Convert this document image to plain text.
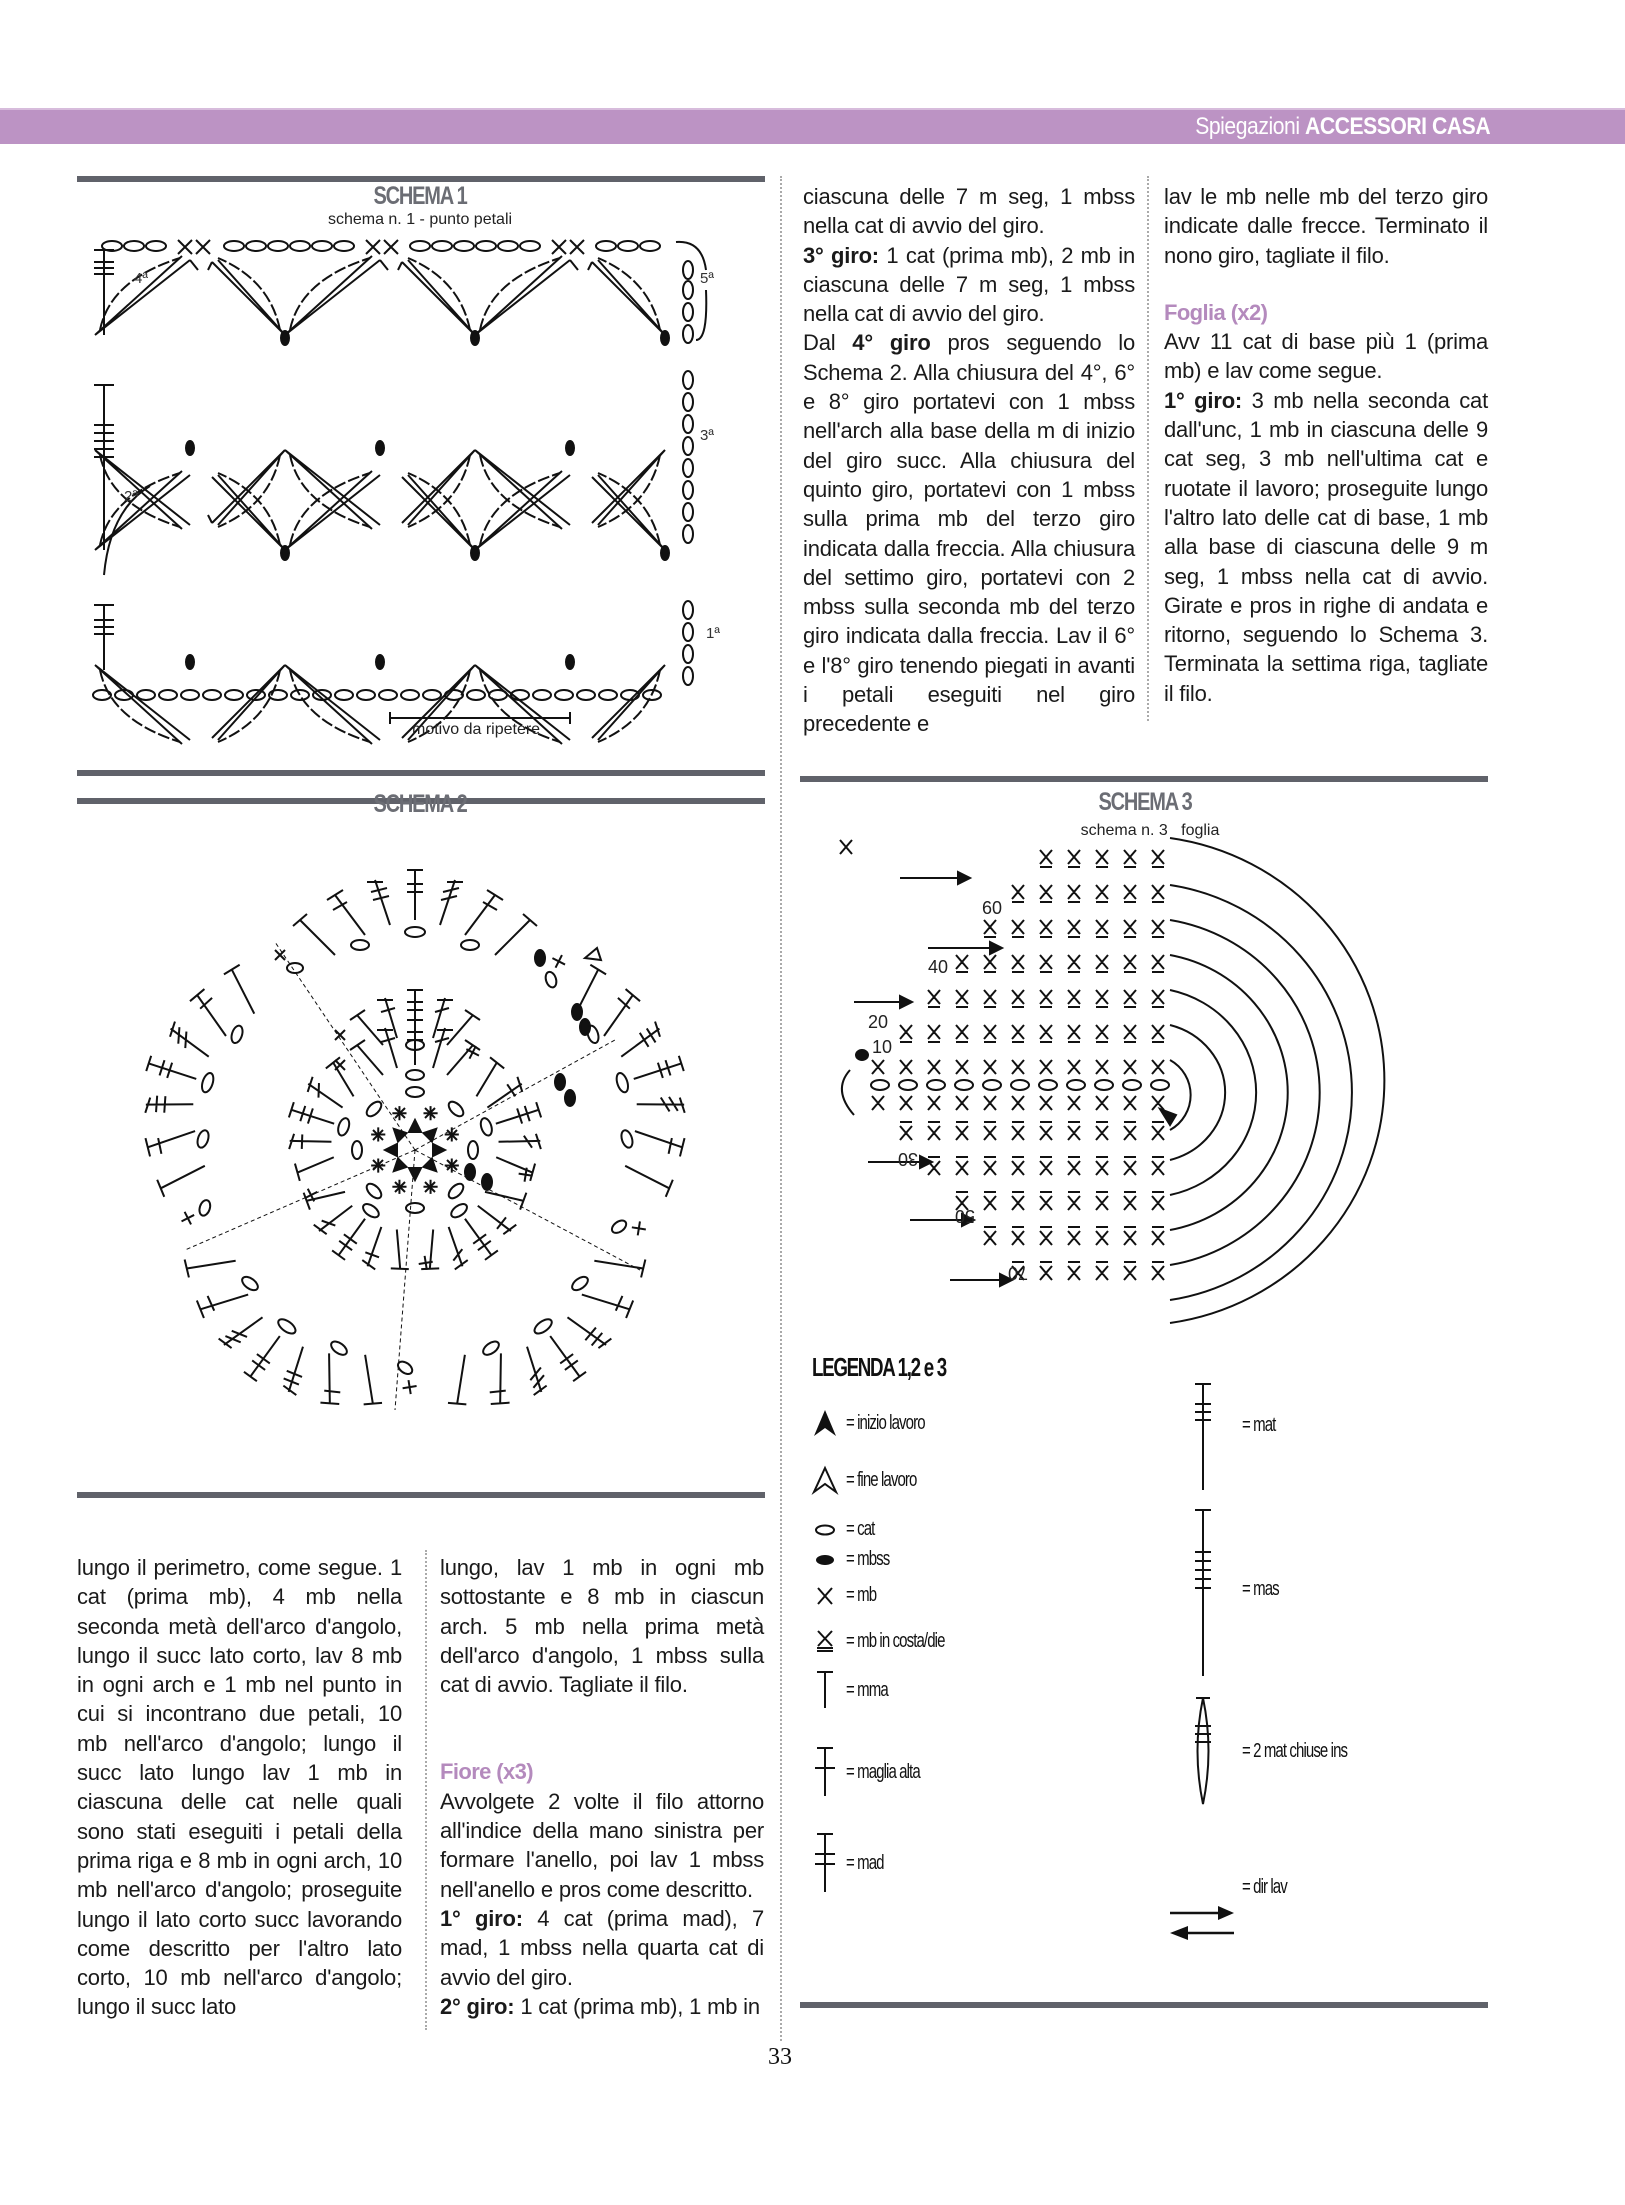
Spiegazioni ACCESSORI CASA
SCHEMA 1
schema n. 1 - punto petali
4ª	5ª
3ª
2ª
1ª
motivo da ripetere

ciascuna delle 7 m seg, 1 mbss nella cat di avvio del giro.

3° giro: 1 cat (prima mb), 2 mb in ciascuna delle 7 m seg, 1 mbss nella cat di avvio del giro.

Dal 4° giro pros seguendo lo Schema 2. Alla chiusura del 4°, 6° e 8° giro portatevi con 1 mbss nell'arch alla base della m di inizio del giro succ. Alla chiusura del quinto giro, portatevi con 1 mbss sulla prima mb del terzo giro indicata dalla freccia. Alla chiusura del settimo giro, portatevi con 2 mbss sulla seconda mb del terzo giro indicata dalla freccia. Lav il 6° e l'8° giro tenendo piegati in avanti i petali eseguiti nel giro precedente e

lav le mb nelle mb del terzo giro indicate dalle frecce. Terminato il nono giro, tagliate il filo.

Foglia (x2)

Avv 11 cat di base più 1 (prima mb) e lav come segue.

1° giro: 3 mb nella seconda cat dall'unc, 1 mb in ciascuna delle 9 cat seg, 3 mb nell'ultima cat e ruotate il lavoro; proseguite lungo l'altro lato delle cat di base, 1 mb alla base di ciascuna delle 9 m seg, 1 mbss nella cat di avvio. Girate e pros in righe di andata e ritorno, seguendo lo Schema 3. Terminata la settima riga, tagliate il filo.

SCHEMA 2	SCHEMA 3
schema n. 3   foglia
60
40
20
10
30
50
70

lungo il perimetro, come segue. 1 cat (prima mb), 4 mb nella seconda metà dell'arco d'angolo, lungo il succ lato corto, lav 8 mb in ogni arch e 1 mb nel punto in cui si incontrano due petali, 10 mb nell'arco d'angolo; lungo il succ lato lungo lav 1 mb in ciascuna delle cat nelle quali sono stati eseguiti i petali della prima riga e 8 mb in ogni arch, 10 mb nell'arco d'angolo; proseguite lungo il lato corto succ lavorando come descritto per l'altro lato corto, 10 mb nell'arco d'angolo; lungo il succ lato

lungo, lav 1 mb in ogni mb sottostante e 8 mb in ciascun arch. 5 mb nella prima metà dell'arco d'angolo, 1 mbss sulla cat di avvio. Tagliate il filo.

Fiore (x3)

Avvolgete 2 volte il filo attorno all'indice della mano sinistra per formare l'anello, poi lav 1 mbss nell'anello e pros come descritto.

1° giro: 4 cat (prima mad), 7 mad, 1 mbss nella quarta cat di avvio del giro.

2° giro: 1 cat (prima mb), 1 mb in

LEGENDA 1,2 e 3
= inizio lavoro
= fine lavoro
= cat
= mbss
= mb
= mb in costa/die
= mma
= maglia alta
= mad
= mat
= mas
= 2 mat chiuse ins
= dir lav
33
